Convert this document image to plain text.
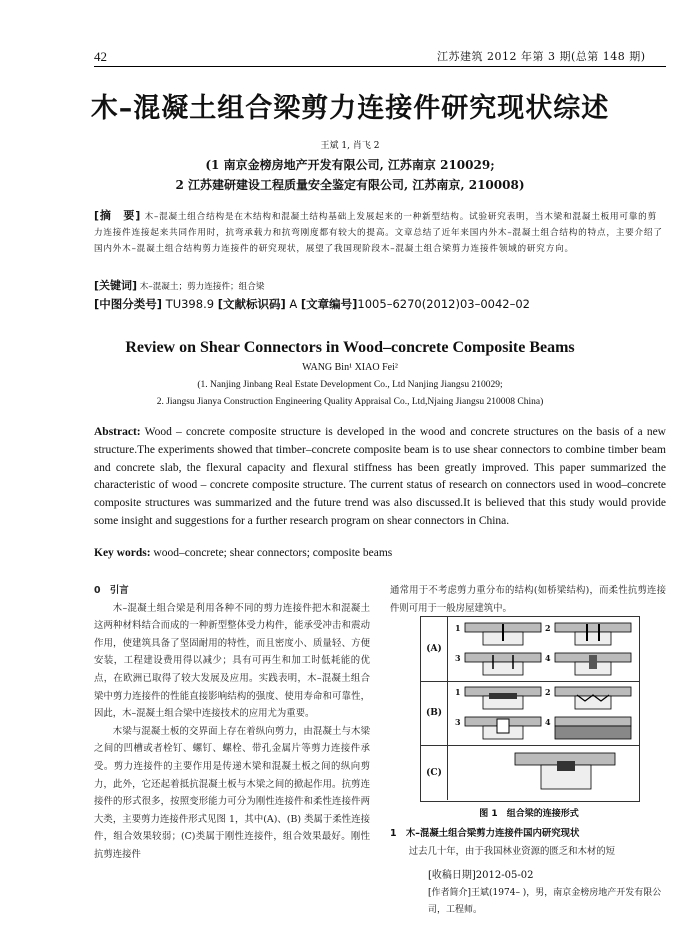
42	江苏建筑 2012 年第 3 期(总第 148 期)
木–混凝土组合梁剪力连接件研究现状综述
王斌 1, 肖飞 2
(1 南京金榜房地产开发有限公司, 江苏南京 210029;
2 江苏建研建设工程质量安全鉴定有限公司, 江苏南京, 210008)
[摘　要] 木–混凝土组合结构是在木结构和混凝土结构基础上发展起来的一种新型结构。试验研究表明，当木梁和混凝土板用可靠的剪力连接件连接起来共同作用时，抗弯承载力和抗弯刚度都有较大的提高。文章总结了近年来国内外木–混凝土组合结构的特点，主要介绍了国内外木–混凝土组合结构剪力连接件的研究现状，展望了我国现阶段木–混凝土组合梁剪力连接件领域的研究方向。
[关键词] 木–混凝土；剪力连接件；组合梁
[中图分类号] TU398.9 [文献标识码] A [文章编号]1005–6270(2012)03–0042–02
Review on Shear Connectors in Wood–concrete Composite Beams
WANG Bin¹ XIAO Fei²
(1. Nanjing Jinbang Real Estate Development Co., Ltd Nanjing Jiangsu 210029;
2. Jiangsu Jianya Construction Engineering Quality Appraisal Co., Ltd,Njaing Jiangsu 210008 China)
Abstract: Wood – concrete composite structure is developed in the wood and concrete structures on the basis of a new structure.The experiments showed that timber–concrete composite beam is to use shear connectors to combine timber beam and concrete slab, the flexural capacity and flexural stiffness has been greatly improved. This paper summarized the characteristic of wood – concrete composite structure. The current status of research on connectors used in wood–concrete composite structures was summarized and the future trend was also discussed.It is believed that this study would provide some insight and suggestions for a further research program on shear connectors in China.
Key words: wood–concrete; shear connectors; composite beams

0　引言

木–混凝土组合梁是利用各种不同的剪力连接件把木和混凝土这两种材料结合而成的一种新型整体受力构件，能承受冲击和震动作用，使建筑具备了坚固耐用的特性，而且密度小、质量轻、方便安装，工程建设费用得以减少；具有可再生和加工时低耗能的优点，在欧洲已取得了较大发展及应用。实践表明，木–混凝土组合梁中剪力连接件的性能直接影响结构的强度、使用寿命和可靠性，因此，木–混凝土组合梁中连接技术的应用尤为重要。

木梁与混凝土板的交界面上存在着纵向剪力，由混凝土与木梁之间的凹槽或者栓钉、螺钉、螺栓、带孔金属片等剪力连接件承受。剪力连接件的主要作用是传递木梁和混凝土板之间的纵向剪力，此外，它还起着抵抗混凝土板与木梁之间的掀起作用。抗剪连接件的形式很多，按照变形能力可分为刚性连接件和柔性连接件两大类，主要剪力连接件形式见图 1，其中(A)、(B) 类属于柔性连接件，组合效果较弱；(C)类属于刚性连接件，组合效果最好。刚性抗剪连接件

通常用于不考虑剪力重分布的结构(如桥梁结构)，而柔性抗剪连接件则可用于一般房屋建筑中。
(A)
1	2
3	4
(B)
1	2
3	4
(C)
图 1　组合梁的连接形式
1　木–混凝土组合梁剪力连接件国内研究现状
过去几十年，由于我国林业资源的匮乏和木材的短
[收稿日期]2012-05-02
[作者简介]王斌(1974– )，男，南京金榜房地产开发有限公司，工程师。
